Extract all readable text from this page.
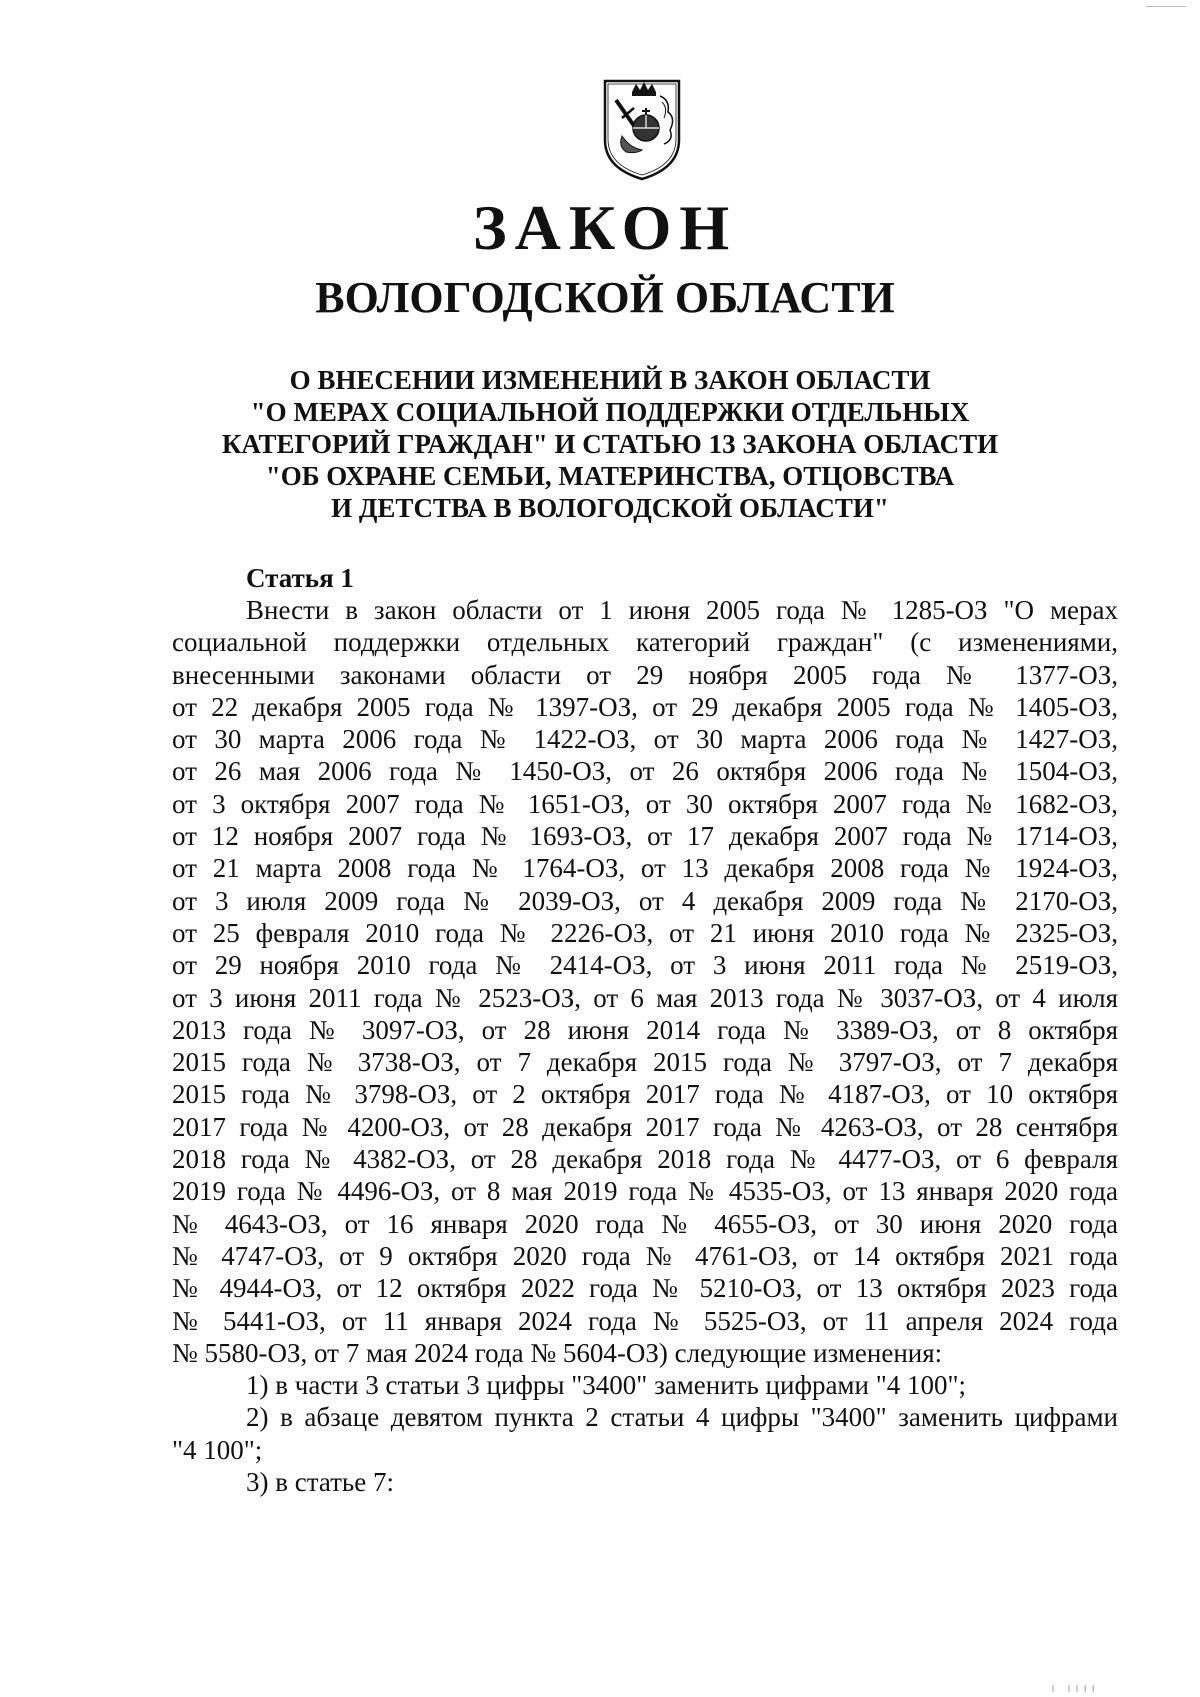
ЗАКОН
ВОЛОГОДСКОЙ ОБЛАСТИ
О ВНЕСЕНИИ ИЗМЕНЕНИЙ В ЗАКОН ОБЛАСТИ
"О МЕРАХ СОЦИАЛЬНОЙ ПОДДЕРЖКИ ОТДЕЛЬНЫХ
КАТЕГОРИЙ ГРАЖДАН" И СТАТЬЮ 13 ЗАКОНА ОБЛАСТИ
"ОБ ОХРАНЕ СЕМЬИ, МАТЕРИНСТВА, ОТЦОВСТВА
И ДЕТСТВА В ВОЛОГОДСКОЙ ОБЛАСТИ"
Статья 1
Внести в закон области от 1 июня 2005 года № 1285-ОЗ "О мерах
социальной поддержки отдельных категорий граждан" (с изменениями,
внесенными законами области от 29 ноября 2005 года № 1377-ОЗ,
от 22 декабря 2005 года № 1397-ОЗ, от 29 декабря 2005 года № 1405-ОЗ,
от 30 марта 2006 года № 1422-ОЗ, от 30 марта 2006 года № 1427-ОЗ,
от 26 мая 2006 года № 1450-ОЗ, от 26 октября 2006 года № 1504-ОЗ,
от 3 октября 2007 года № 1651-ОЗ, от 30 октября 2007 года № 1682-ОЗ,
от 12 ноября 2007 года № 1693-ОЗ, от 17 декабря 2007 года № 1714-ОЗ,
от 21 марта 2008 года № 1764-ОЗ, от 13 декабря 2008 года № 1924-ОЗ,
от 3 июля 2009 года № 2039-ОЗ, от 4 декабря 2009 года № 2170-ОЗ,
от 25 февраля 2010 года № 2226-ОЗ, от 21 июня 2010 года № 2325-ОЗ,
от 29 ноября 2010 года № 2414-ОЗ, от 3 июня 2011 года № 2519-ОЗ,
от 3 июня 2011 года № 2523-ОЗ, от 6 мая 2013 года № 3037-ОЗ, от 4 июля
2013 года № 3097-ОЗ, от 28 июня 2014 года № 3389-ОЗ, от 8 октября
2015 года № 3738-ОЗ, от 7 декабря 2015 года № 3797-ОЗ, от 7 декабря
2015 года № 3798-ОЗ, от 2 октября 2017 года № 4187-ОЗ, от 10 октября
2017 года № 4200-ОЗ, от 28 декабря 2017 года № 4263-ОЗ, от 28 сентября
2018 года № 4382-ОЗ, от 28 декабря 2018 года № 4477-ОЗ, от 6 февраля
2019 года № 4496-ОЗ, от 8 мая 2019 года № 4535-ОЗ, от 13 января 2020 года
№ 4643-ОЗ, от 16 января 2020 года № 4655-ОЗ, от 30 июня 2020 года
№ 4747-ОЗ, от 9 октября 2020 года № 4761-ОЗ, от 14 октября 2021 года
№ 4944-ОЗ, от 12 октября 2022 года № 5210-ОЗ, от 13 октября 2023 года
№ 5441-ОЗ, от 11 января 2024 года № 5525-ОЗ, от 11 апреля 2024 года
№ 5580-ОЗ, от 7 мая 2024 года № 5604-ОЗ) следующие изменения:
1) в части 3 статьи 3 цифры "3400" заменить цифрами "4 100";
2) в абзаце девятом пункта 2 статьи 4 цифры "3400" заменить цифрами
"4 100";
3) в статье 7:
ǀ ǀǀǀǀ
